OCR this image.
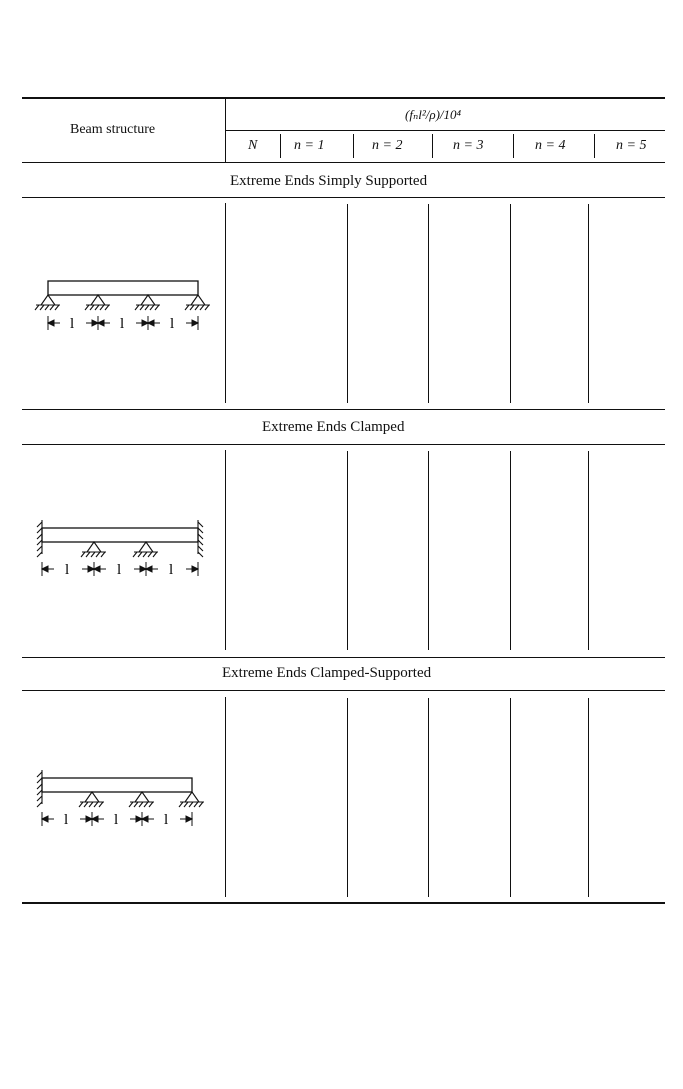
Beam structure
(fₙl²/ρ)/10⁴
N	n = 1	n = 2	n = 3	n = 4	n = 5
Extreme Ends Simply Supported
l	l	l
Extreme Ends Clamped
l	l	l
Extreme Ends Clamped-Supported
l	l	l
